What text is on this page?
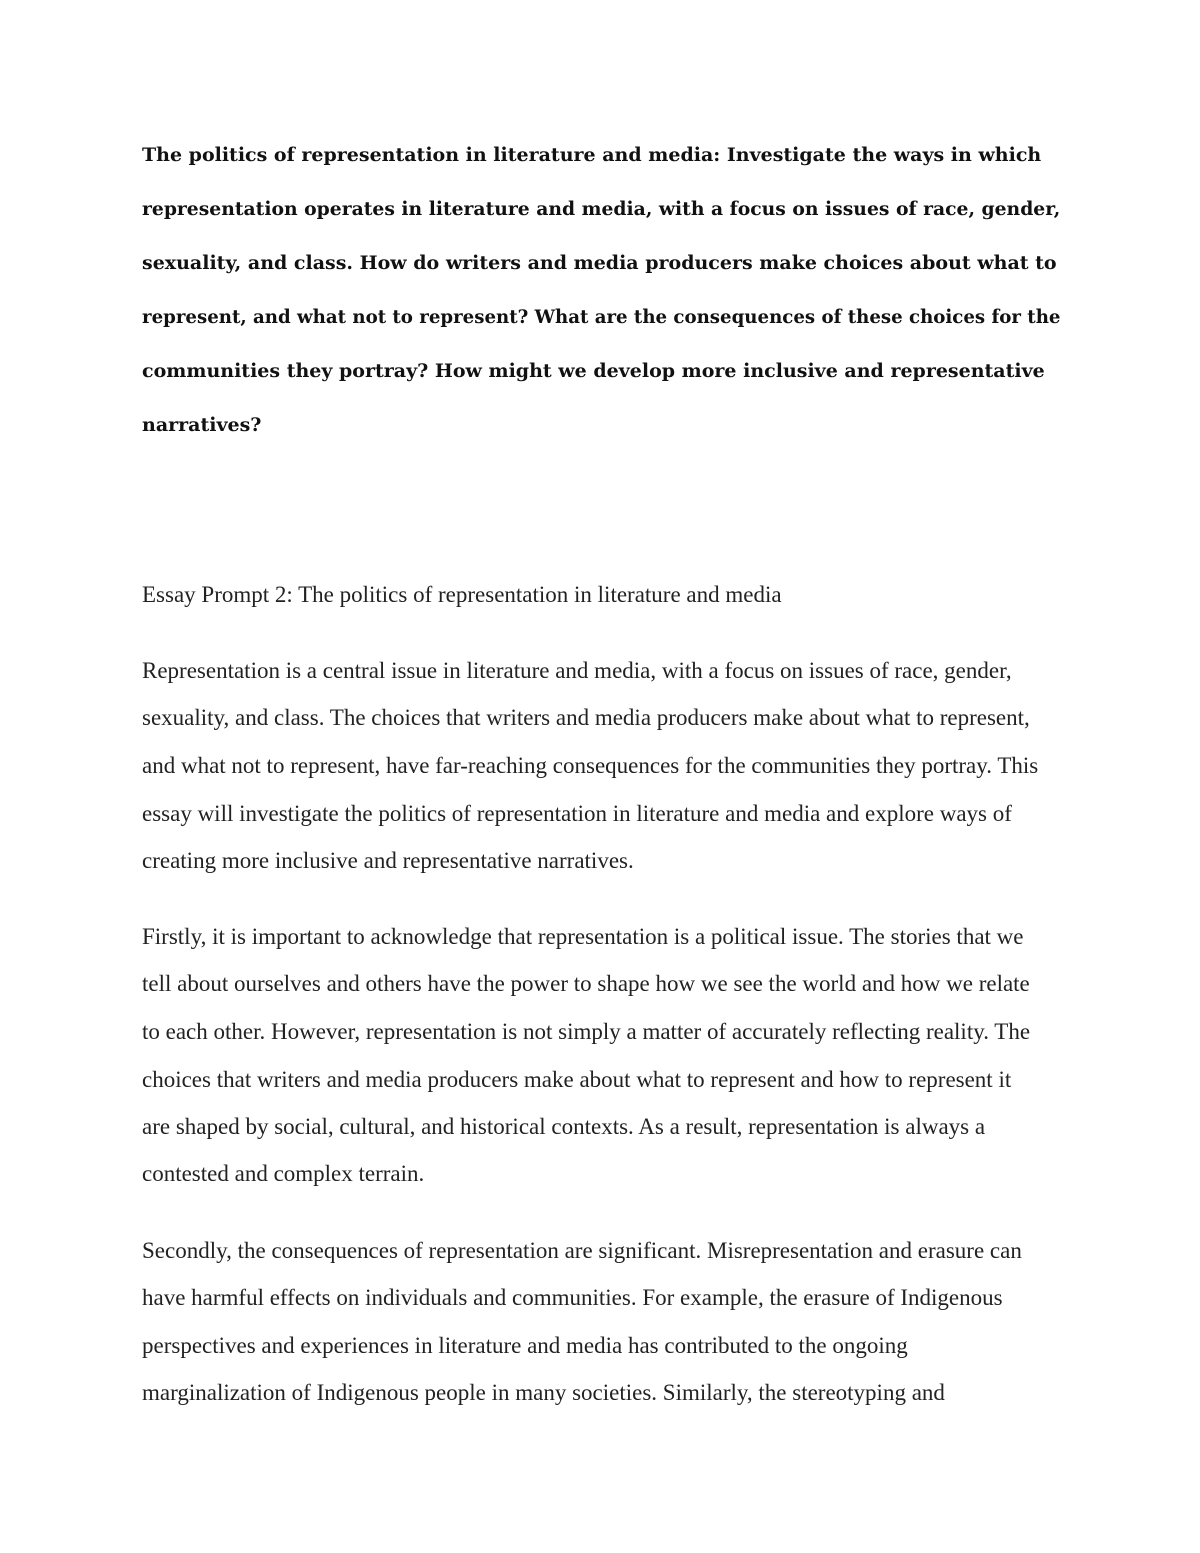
The politics of representation in literature and media: Investigate the ways in which
representation operates in literature and media, with a focus on issues of race, gender,
sexuality, and class. How do writers and media producers make choices about what to
represent, and what not to represent? What are the consequences of these choices for the
communities they portray? How might we develop more inclusive and representative
narratives?
Essay Prompt 2: The politics of representation in literature and media
Representation is a central issue in literature and media, with a focus on issues of race, gender,
sexuality, and class. The choices that writers and media producers make about what to represent,
and what not to represent, have far-reaching consequences for the communities they portray. This
essay will investigate the politics of representation in literature and media and explore ways of
creating more inclusive and representative narratives.
Firstly, it is important to acknowledge that representation is a political issue. The stories that we
tell about ourselves and others have the power to shape how we see the world and how we relate
to each other. However, representation is not simply a matter of accurately reflecting reality. The
choices that writers and media producers make about what to represent and how to represent it
are shaped by social, cultural, and historical contexts. As a result, representation is always a
contested and complex terrain.
Secondly, the consequences of representation are significant. Misrepresentation and erasure can
have harmful effects on individuals and communities. For example, the erasure of Indigenous
perspectives and experiences in literature and media has contributed to the ongoing
marginalization of Indigenous people in many societies. Similarly, the stereotyping and
